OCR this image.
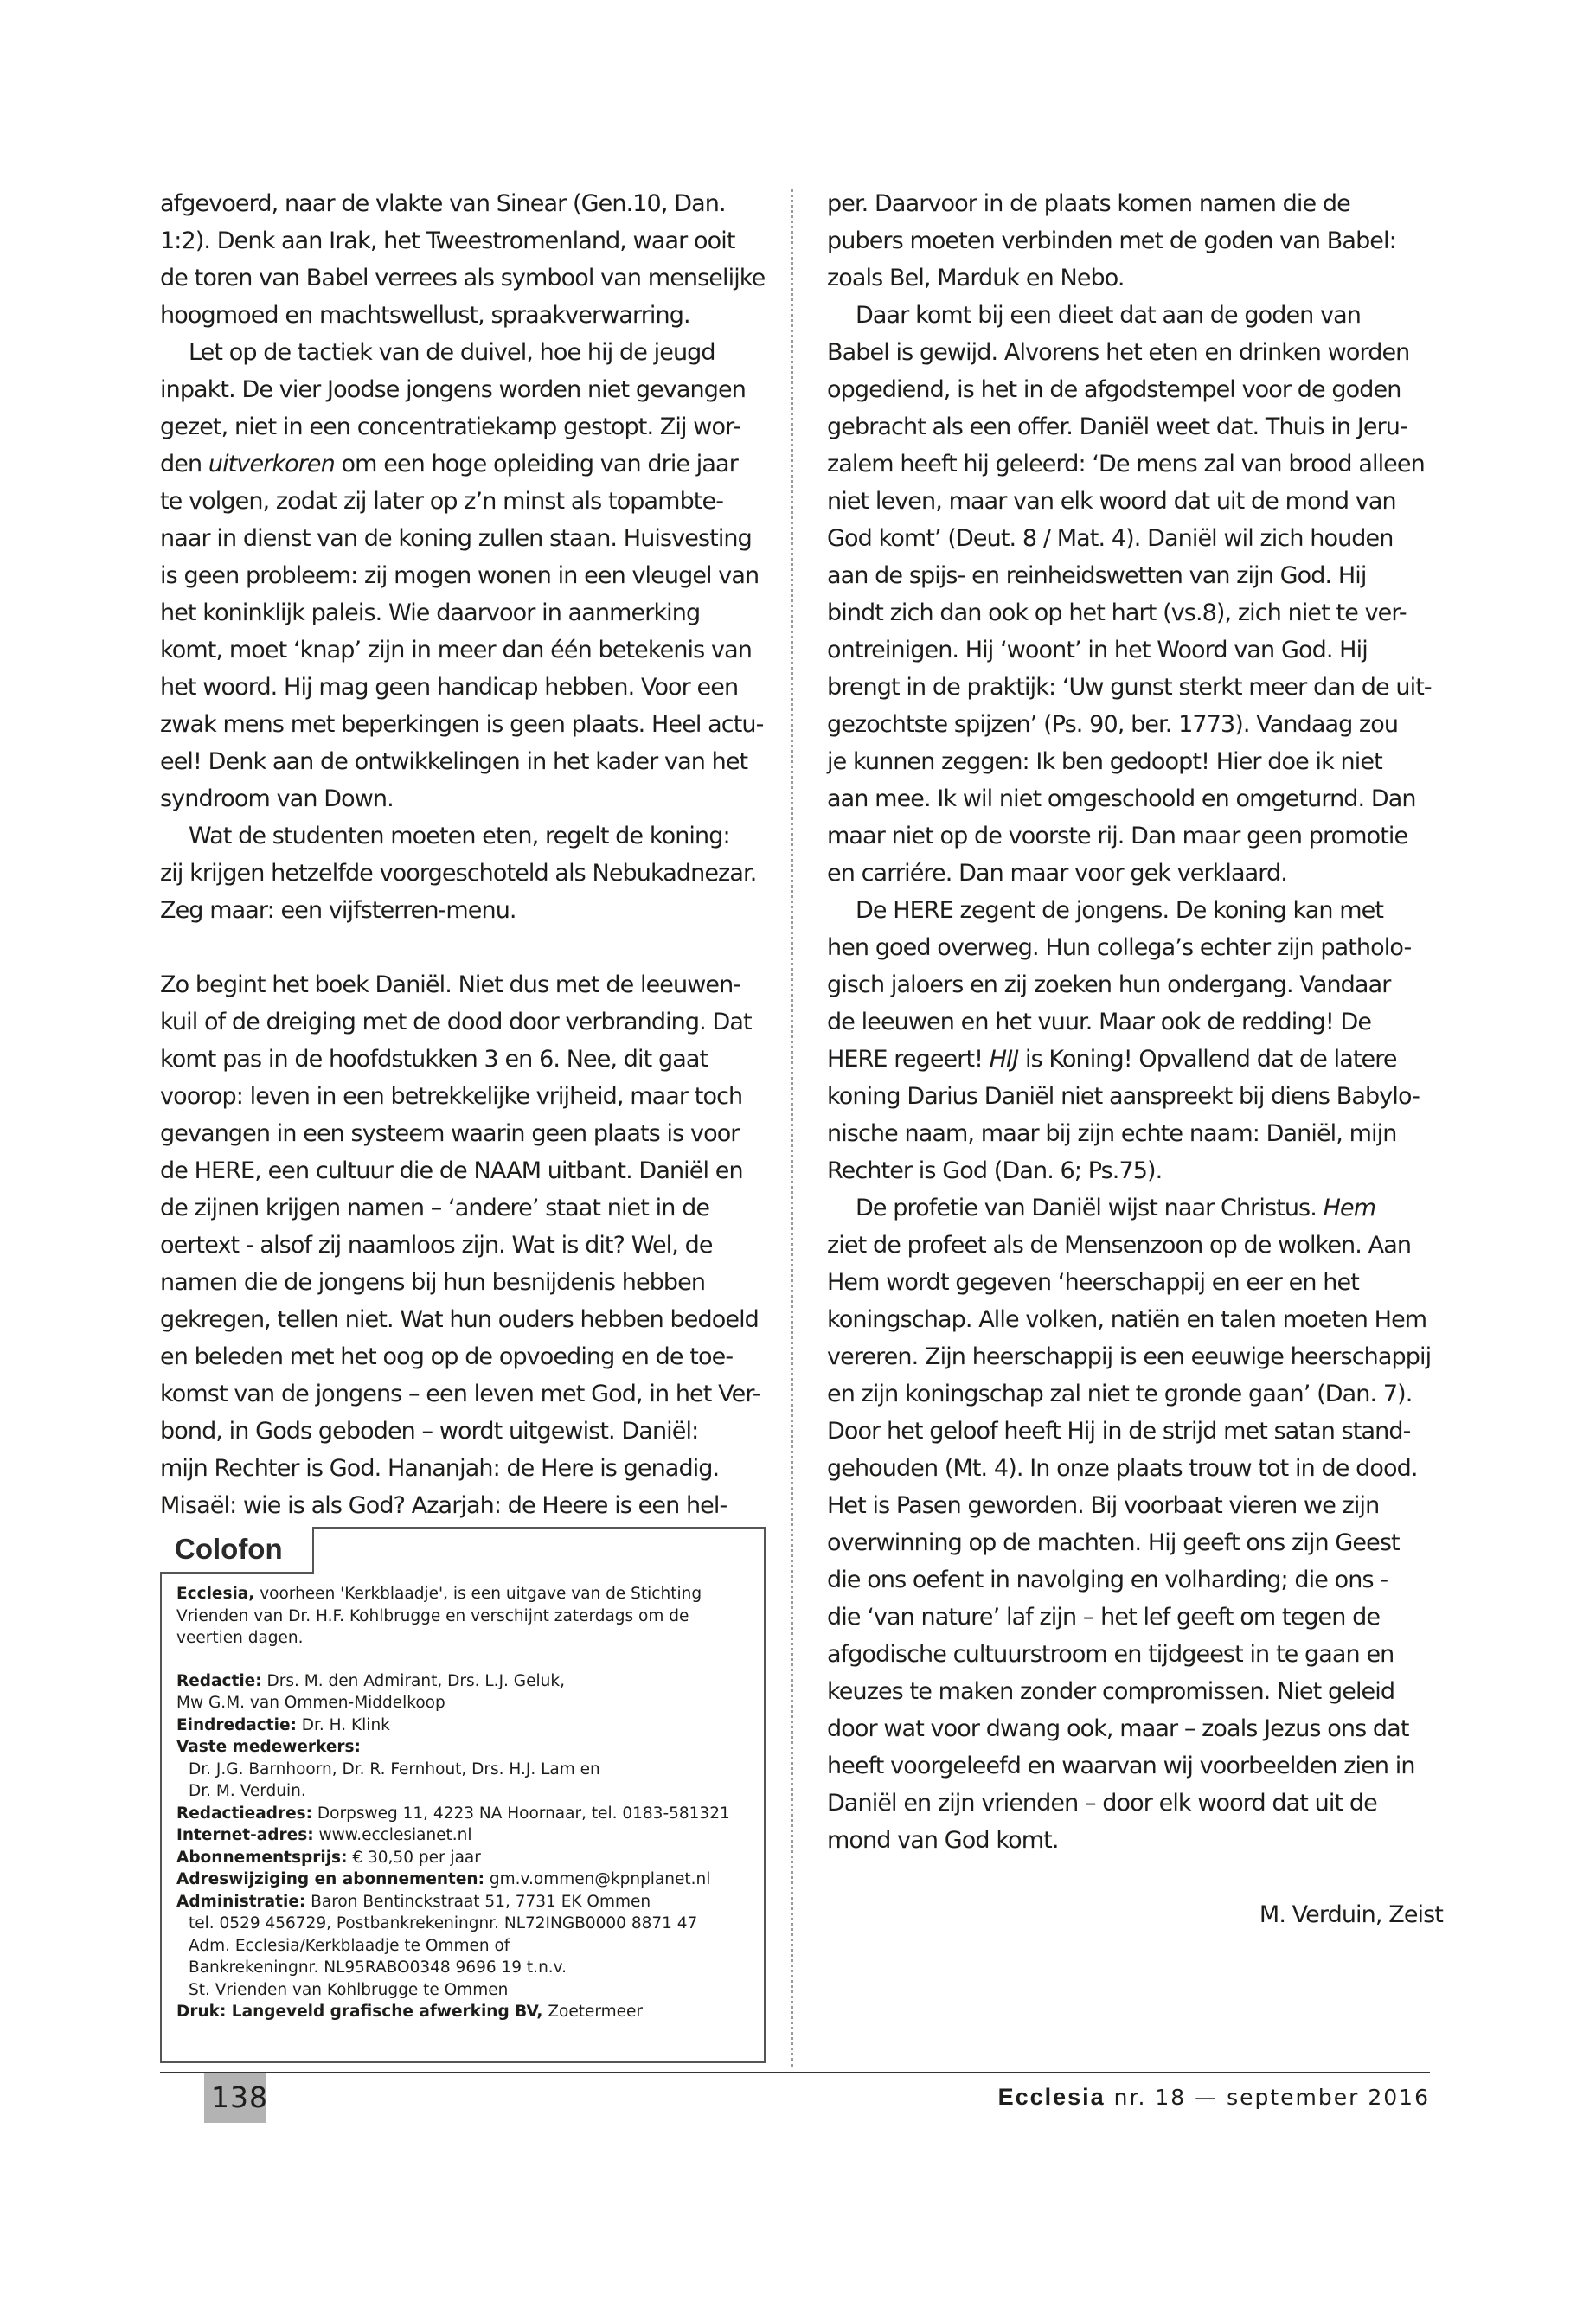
afgevoerd, naar de vlakte van Sinear (Gen.10, Dan.

1:2). Denk aan Irak, het Tweestromenland, waar ooit

de toren van Babel verrees als symbool van menselijke

hoogmoed en machtswellust, spraakverwarring.

Let op de tactiek van de duivel, hoe hij de jeugd

inpakt. De vier Joodse jongens worden niet gevangen

gezet, niet in een concentratiekamp gestopt. Zij wor-

den uitverkoren om een hoge opleiding van drie jaar

te volgen, zodat zij later op z’n minst als topambte-

naar in dienst van de koning zullen staan. Huisvesting

is geen probleem: zij mogen wonen in een vleugel van

het koninklijk paleis. Wie daarvoor in aanmerking

komt, moet ‘knap’ zijn in meer dan één betekenis van

het woord. Hij mag geen handicap hebben. Voor een

zwak mens met beperkingen is geen plaats. Heel actu-

eel! Denk aan de ontwikkelingen in het kader van het

syndroom van Down.

Wat de studenten moeten eten, regelt de koning:

zij krijgen hetzelfde voorgeschoteld als Nebukadnezar.

Zeg maar: een vijfsterren-menu.

Zo begint het boek Daniël. Niet dus met de leeuwen-

kuil of de dreiging met de dood door verbranding. Dat

komt pas in de hoofdstukken 3 en 6. Nee, dit gaat

voorop: leven in een betrekkelijke vrijheid, maar toch

gevangen in een systeem waarin geen plaats is voor

de HERE, een cultuur die de NAAM uitbant. Daniël en

de zijnen krijgen namen – ‘andere’ staat niet in de

oertext - alsof zij naamloos zijn. Wat is dit? Wel, de

namen die de jongens bij hun besnijdenis hebben

gekregen, tellen niet. Wat hun ouders hebben bedoeld

en beleden met het oog op de opvoeding en de toe-

komst van de jongens – een leven met God, in het Ver-

bond, in Gods geboden – wordt uitgewist. Daniël:

mijn Rechter is God. Hananjah: de Here is genadig.

Misaël: wie is als God? Azarjah: de Heere is een hel-

per. Daarvoor in de plaats komen namen die de

pubers moeten verbinden met de goden van Babel:

zoals Bel, Marduk en Nebo.

Daar komt bij een dieet dat aan de goden van

Babel is gewijd. Alvorens het eten en drinken worden

opgediend, is het in de afgodstempel voor de goden

gebracht als een offer. Daniël weet dat. Thuis in Jeru-

zalem heeft hij geleerd: ‘De mens zal van brood alleen

niet leven, maar van elk woord dat uit de mond van

God komt’ (Deut. 8 / Mat. 4). Daniël wil zich houden

aan de spijs- en reinheidswetten van zijn God. Hij

bindt zich dan ook op het hart (vs.8), zich niet te ver-

ontreinigen. Hij ‘woont’ in het Woord van God. Hij

brengt in de praktijk: ‘Uw gunst sterkt meer dan de uit-

gezochtste spijzen’ (Ps. 90, ber. 1773). Vandaag zou

je kunnen zeggen: Ik ben gedoopt! Hier doe ik niet

aan mee. Ik wil niet omgeschoold en omgeturnd. Dan

maar niet op de voorste rij. Dan maar geen promotie

en carriére. Dan maar voor gek verklaard.

De HERE zegent de jongens. De koning kan met

hen goed overweg. Hun collega’s echter zijn patholo-

gisch jaloers en zij zoeken hun ondergang. Vandaar

de leeuwen en het vuur. Maar ook de redding! De

HERE regeert! HIJ is Koning! Opvallend dat de latere

koning Darius Daniël niet aanspreekt bij diens Babylo-

nische naam, maar bij zijn echte naam: Daniël, mijn

Rechter is God (Dan. 6; Ps.75).

De profetie van Daniël wijst naar Christus. Hem

ziet de profeet als de Mensenzoon op de wolken. Aan

Hem wordt gegeven ‘heerschappij en eer en het

koningschap. Alle volken, natiën en talen moeten Hem

vereren. Zijn heerschappij is een eeuwige heerschappij

en zijn koningschap zal niet te gronde gaan’ (Dan. 7).

Door het geloof heeft Hij in de strijd met satan stand-

gehouden (Mt. 4). In onze plaats trouw tot in de dood.

Het is Pasen geworden. Bij voorbaat vieren we zijn

overwinning op de machten. Hij geeft ons zijn Geest

die ons oefent in navolging en volharding; die ons -

die ‘van nature’ laf zijn – het lef geeft om tegen de

afgodische cultuurstroom en tijdgeest in te gaan en

keuzes te maken zonder compromissen. Niet geleid

door wat voor dwang ook, maar – zoals Jezus ons dat

heeft voorgeleefd en waarvan wij voorbeelden zien in

Daniël en zijn vrienden – door elk woord dat uit de

mond van God komt.

M. Verduin, Zeist

Colofon

Ecclesia, voorheen 'Kerkblaadje', is een uitgave van de Stichting

Vrienden van Dr. H.F. Kohlbrugge en verschijnt zaterdags om de

veertien dagen.

Redactie: Drs. M. den Admirant, Drs. L.J. Geluk,

Mw G.M. van Ommen-Middelkoop

Eindredactie: Dr. H. Klink

Vaste medewerkers:

Dr. J.G. Barnhoorn, Dr. R. Fernhout, Drs. H.J. Lam en

Dr. M. Verduin.

Redactieadres: Dorpsweg 11, 4223 NA Hoornaar, tel. 0183-581321

Internet-adres: www.ecclesianet.nl

Abonnementsprijs: € 30,50 per jaar

Adreswijziging en abonnementen: gm.v.ommen@kpnplanet.nl

Administratie: Baron Bentinckstraat 51, 7731 EK Ommen

tel. 0529 456729, Postbankrekeningnr. NL72INGB0000 8871 47

Adm. Ecclesia/Kerkblaadje te Ommen of

Bankrekeningnr. NL95RABO0348 9696 19 t.n.v.

St. Vrienden van Kohlbrugge te Ommen

Druk: Langeveld grafische afwerking BV, Zoetermeer

138	Ecclesia nr. 18 — september 2016
